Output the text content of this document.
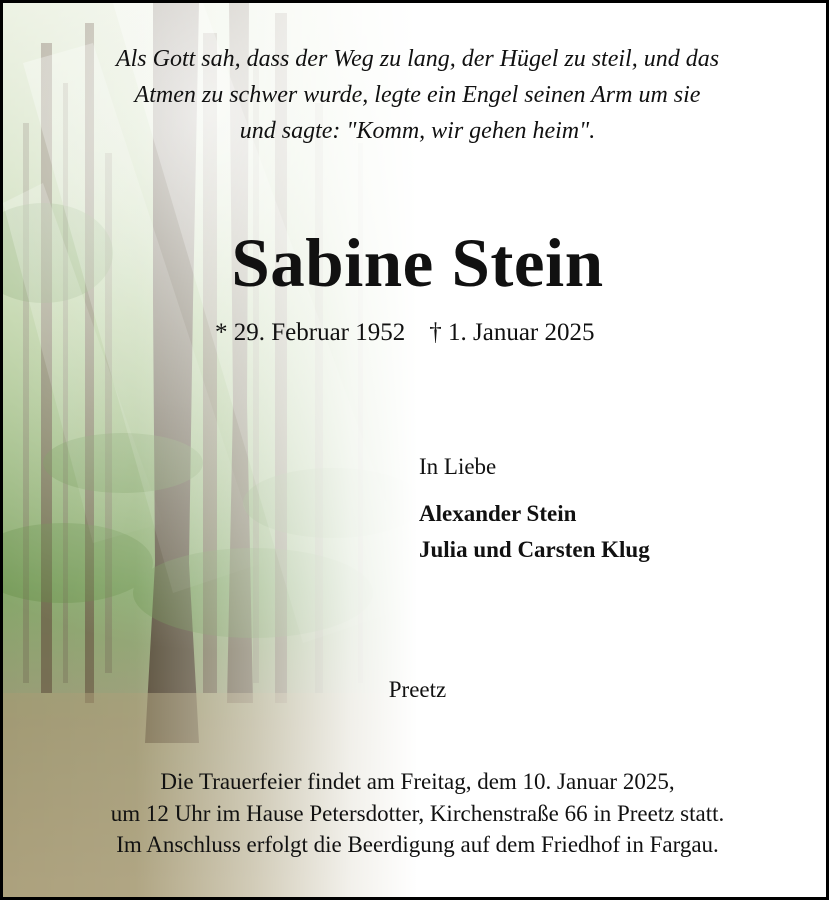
Als Gott sah, dass der Weg zu lang, der Hügel zu steil, und das
Atmen zu schwer wurde, legte ein Engel seinen Arm um sie
und sagte: "Komm, wir gehen heim".
Sabine Stein
* 29. Februar 1952 † 1. Januar 2025
In Liebe
Alexander Stein
Julia und Carsten Klug
Preetz
Die Trauerfeier findet am Freitag, dem 10. Januar 2025,
um 12 Uhr im Hause Petersdotter, Kirchenstraße 66 in Preetz statt.
Im Anschluss erfolgt die Beerdigung auf dem Friedhof in Fargau.
